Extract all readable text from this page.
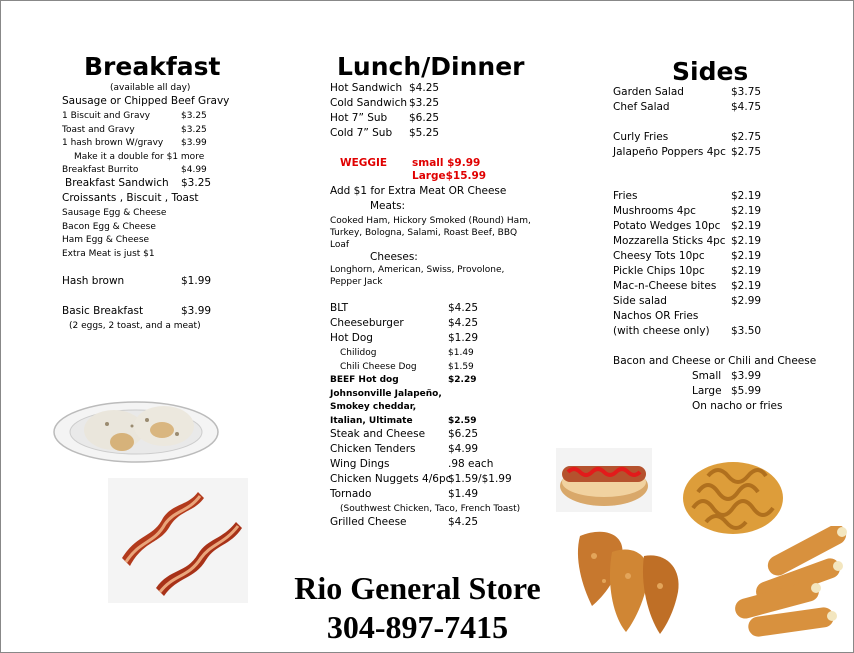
Breakfast
(available all day)
Sausage or Chipped Beef Gravy
1 Biscuit and Gravy	$3.25
Toast and Gravy	$3.25
1 hash brown W/gravy $3.99
Make it a double for $1 more
Breakfast Burrito	$4.99
Breakfast Sandwich $3.25
Croissants , Biscuit , Toast
Sausage Egg & Cheese
Bacon Egg & Cheese
Ham Egg & Cheese
Extra Meat is just $1
Hash brown	$1.99
Basic Breakfast	$3.99
(2 eggs, 2 toast, and a meat)
Lunch/Dinner
Hot Sandwich $4.25
Cold Sandwich $3.25
Hot 7” Sub $6.25
Cold 7” Sub $5.25
WEGGIE small $9.99
Large$15.99
Add $1 for Extra Meat OR Cheese
Meats:
Cooked Ham, Hickory Smoked (Round) Ham,
Turkey, Bologna, Salami, Roast Beef, BBQ
Loaf
Cheeses:
Longhorn, American, Swiss, Provolone,
Pepper Jack
BLT	$4.25
Cheeseburger	$4.25
Hot Dog	$1.29
Chilidog	$1.49
Chili Cheese Dog	$1.59
BEEF Hot dog	$2.29
Johnsonville Jalapeño,
Smokey cheddar,
Italian, Ultimate	$2.59
Steak and Cheese $6.25
Chicken Tenders	$4.99
Wing Dings	.98 each
Chicken Nuggets 4/6pc
$1.59/$1.99
Tornado	$1.49
(Southwest Chicken, Taco, French Toast)
Grilled Cheese	$4.25
Sides
Garden Salad	$3.75
Chef Salad	$4.75
Curly Fries	$2.75
Jalapeño Poppers 4pc $2.75
Fries	$2.19
Mushrooms 4pc	$2.19
Potato Wedges 10pc $2.19
Mozzarella Sticks 4pc $2.19
Cheesy Tots 10pc	$2.19
Pickle Chips 10pc $2.19
Mac-n-Cheese bites $2.19
Side salad	$2.99
Nachos OR Fries
(with cheese only) $3.50
Bacon and Cheese or Chili and Cheese
Small $3.99
Large $5.99
On nacho or fries
Rio General Store
304-897-7415
